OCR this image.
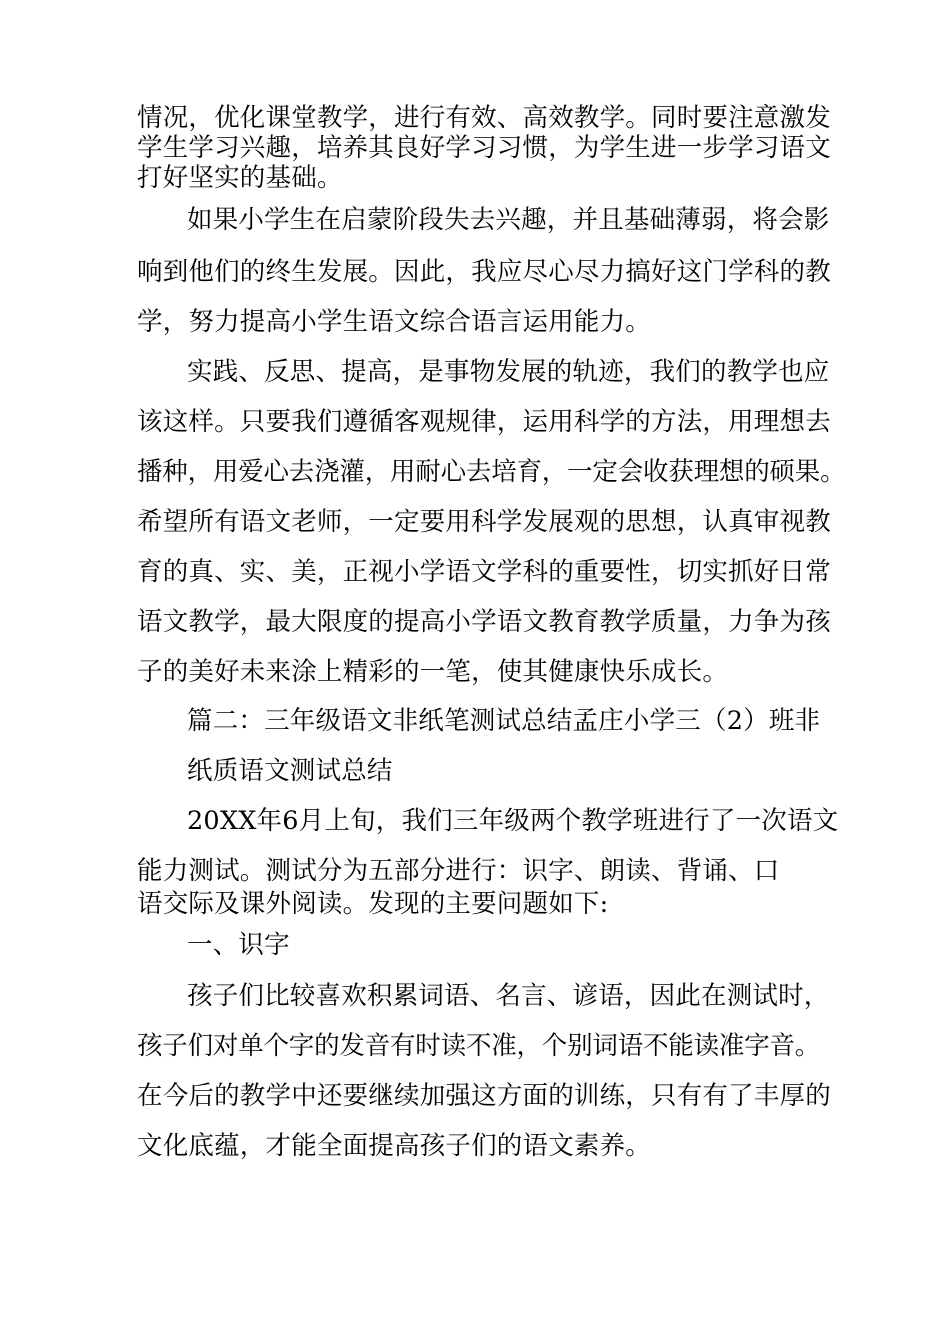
情况，优化课堂教学，进行有效、高效教学。同时要注意激发

学生学习兴趣，培养其良好学习习惯，为学生进一步学习语文

打好坚实的基础。

如果小学生在启蒙阶段失去兴趣，并且基础薄弱，将会影

响到他们的终生发展。因此，我应尽心尽力搞好这门学科的教

学，努力提高小学生语文综合语言运用能力。

实践、反思、提高，是事物发展的轨迹，我们的教学也应

该这样。只要我们遵循客观规律，运用科学的方法，用理想去

播种，用爱心去浇灌，用耐心去培育，一定会收获理想的硕果。

希望所有语文老师，一定要用科学发展观的思想，认真审视教

育的真、实、美，正视小学语文学科的重要性，切实抓好日常

语文教学，最大限度的提高小学语文教育教学质量，力争为孩

子的美好未来涂上精彩的一笔，使其健康快乐成长。

篇二：三年级语文非纸笔测试总结孟庄小学三（2）班非

纸质语文测试总结

20XX年6月上旬，我们三年级两个教学班进行了一次语文

能力测试。测试分为五部分进行：识字、朗读、背诵、口

语交际及课外阅读。发现的主要问题如下:

一、识字

孩子们比较喜欢积累词语、名言、谚语，因此在测试时，

孩子们对单个字的发音有时读不准，个别词语不能读准字音。

在今后的教学中还要继续加强这方面的训练，只有有了丰厚的

文化底蕴，才能全面提高孩子们的语文素养。
